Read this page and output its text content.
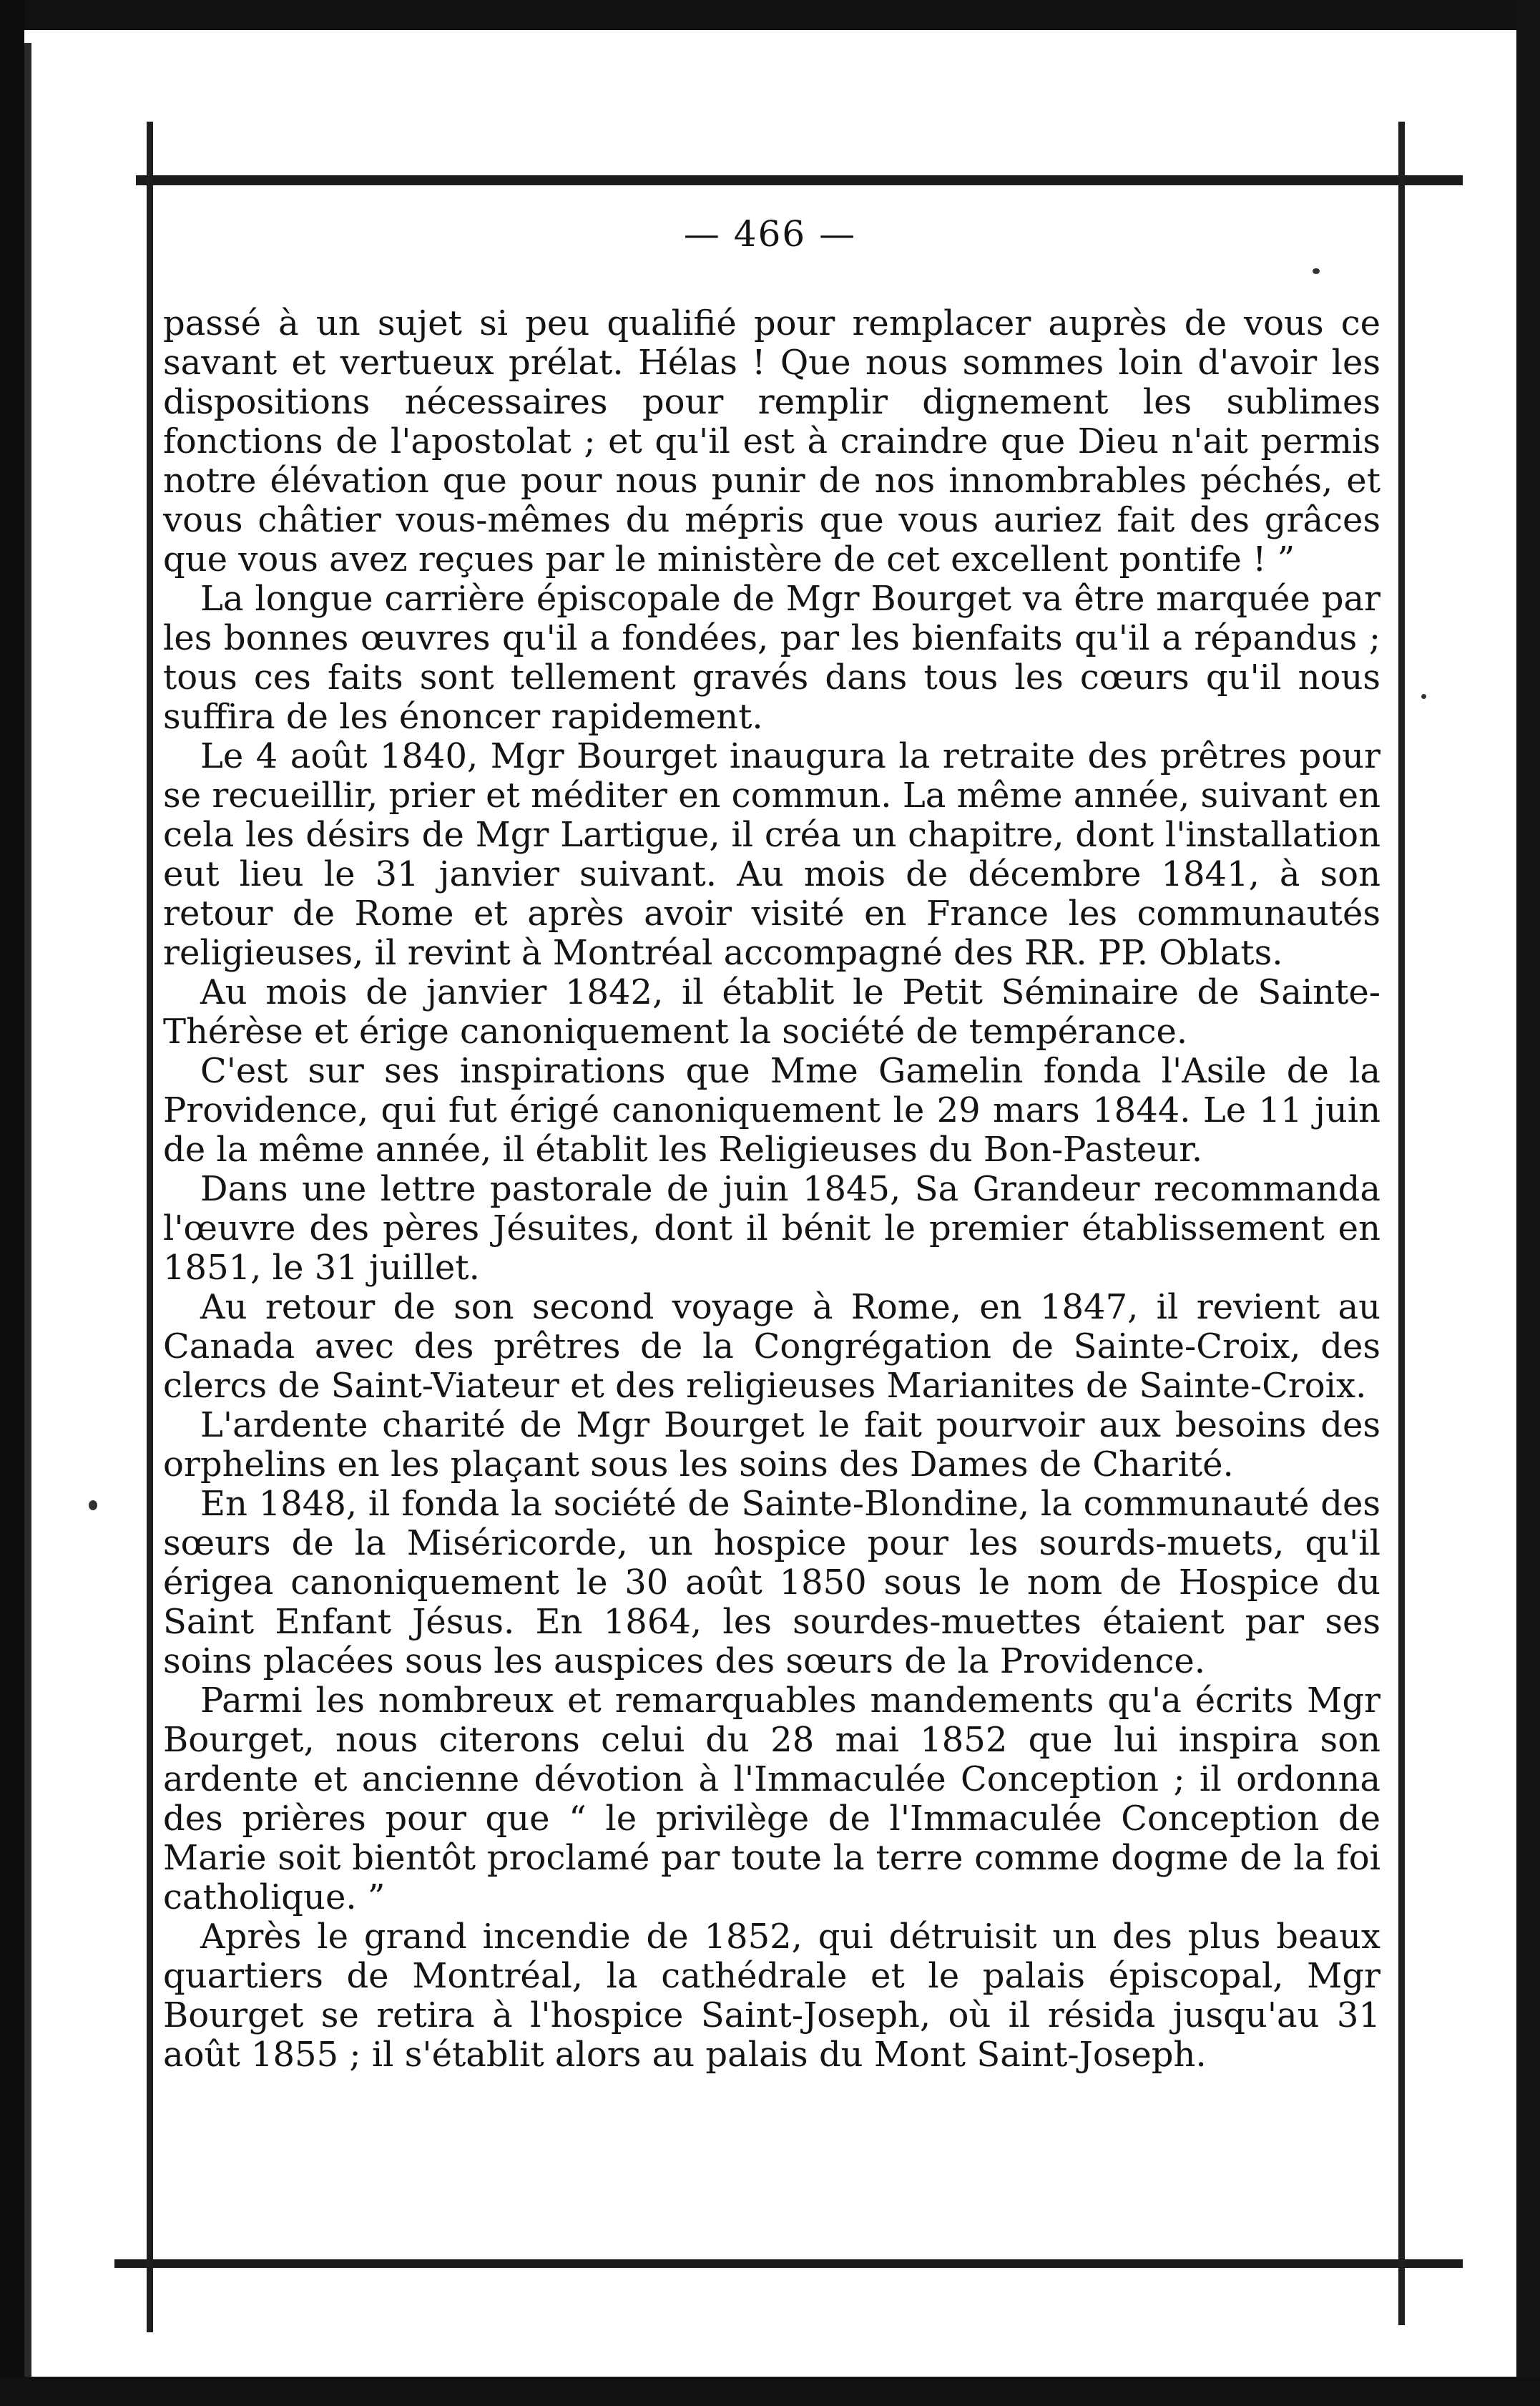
— 466 —

passé à un sujet si peu qualifié pour remplacer auprès de vous ce savant et vertueux prélat. Hélas ! Que nous sommes loin d'avoir les dispositions nécessaires pour remplir dignement les sublimes fonctions de l'apostolat ; et qu'il est à craindre que Dieu n'ait permis notre élévation que pour nous punir de nos innombrables péchés, et vous châtier vous-mêmes du mépris que vous auriez fait des grâces que vous avez reçues par le ministère de cet excellent pontife ! ”

La longue carrière épiscopale de Mgr Bourget va être marquée par les bonnes œuvres qu'il a fondées, par les bienfaits qu'il a répandus ; tous ces faits sont tellement gravés dans tous les cœurs qu'il nous suffira de les énoncer rapidement.

Le 4 août 1840, Mgr Bourget inaugura la retraite des prêtres pour se recueillir, prier et méditer en commun. La même année, suivant en cela les désirs de Mgr Lartigue, il créa un chapitre, dont l'installation eut lieu le 31 janvier suivant. Au mois de décembre 1841, à son retour de Rome et après avoir visité en France les communautés religieuses, il revint à Montréal accompagné des RR. PP. Oblats.

Au mois de janvier 1842, il établit le Petit Séminaire de Sainte-Thérèse et érige canoniquement la société de tempérance.

C'est sur ses inspirations que Mme Gamelin fonda l'Asile de la Providence, qui fut érigé canoniquement le 29 mars 1844. Le 11 juin de la même année, il établit les Religieuses du Bon-Pasteur.

Dans une lettre pastorale de juin 1845, Sa Grandeur recommanda l'œuvre des pères Jésuites, dont il bénit le premier établissement en 1851, le 31 juillet.

Au retour de son second voyage à Rome, en 1847, il revient au Canada avec des prêtres de la Congrégation de Sainte-Croix, des clercs de Saint-Viateur et des religieuses Marianites de Sainte-Croix.

L'ardente charité de Mgr Bourget le fait pourvoir aux besoins des orphelins en les plaçant sous les soins des Dames de Charité.

En 1848, il fonda la société de Sainte-Blondine, la communauté des sœurs de la Miséricorde, un hospice pour les sourds-muets, qu'il érigea canoniquement le 30 août 1850 sous le nom de Hospice du Saint Enfant Jésus. En 1864, les sourdes-muettes étaient par ses soins placées sous les auspices des sœurs de la Providence.

Parmi les nombreux et remarquables mandements qu'a écrits Mgr Bourget, nous citerons celui du 28 mai 1852 que lui inspira son ardente et ancienne dévotion à l'Immaculée Conception ; il ordonna des prières pour que “ le privilège de l'Immaculée Conception de Marie soit bientôt proclamé par toute la terre comme dogme de la foi catholique. ”

Après le grand incendie de 1852, qui détruisit un des plus beaux quartiers de Montréal, la cathédrale et le palais épiscopal, Mgr Bourget se retira à l'hospice Saint-Joseph, où il résida jusqu'au 31 août 1855 ; il s'établit alors au palais du Mont Saint-Joseph.
